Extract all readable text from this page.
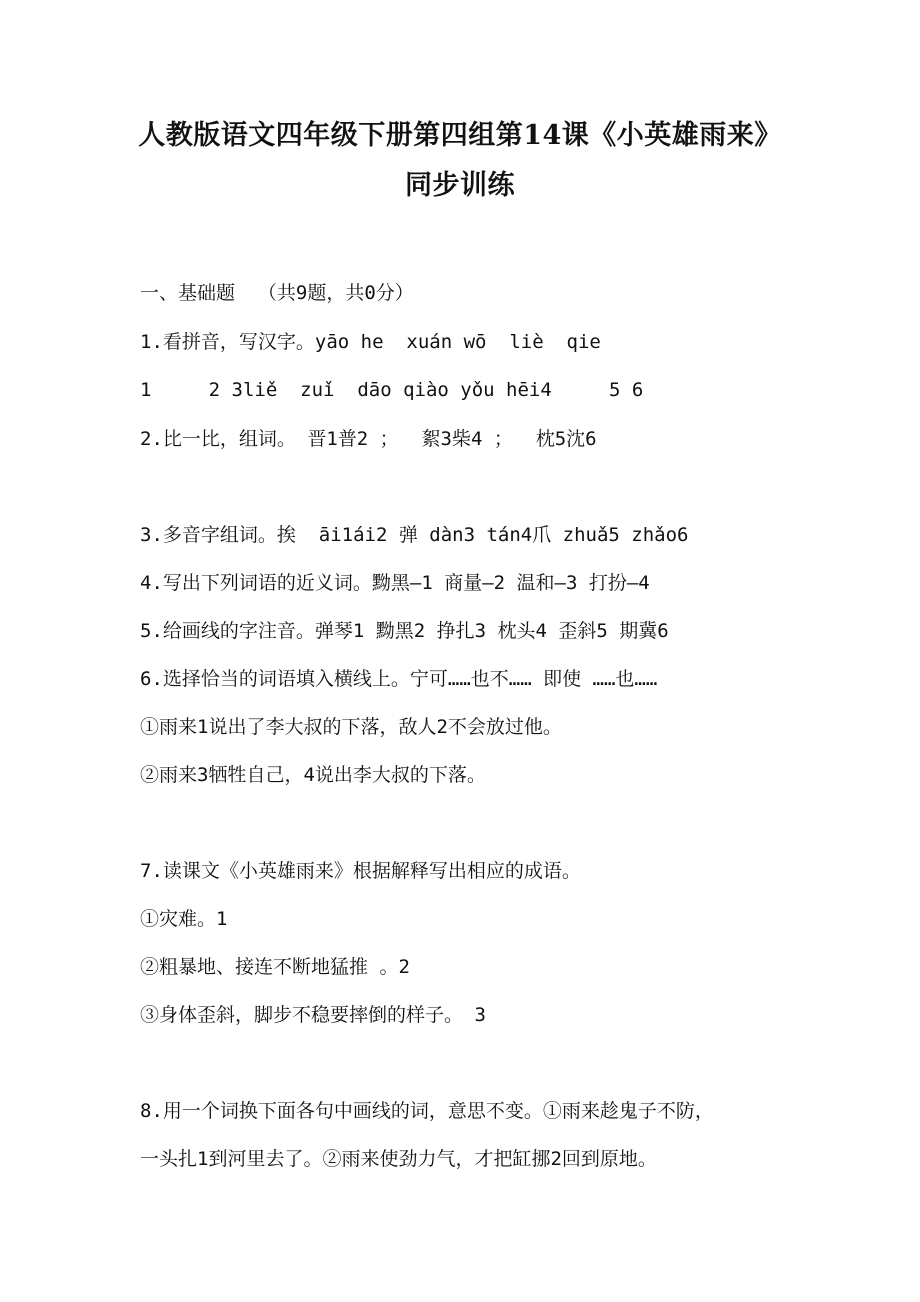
人教版语文四年级下册第四组第14课《小英雄雨来》
同步训练
一、基础题  （共9题，共0分）
1.看拼音，写汉字。yāo he  xuán wō  liè  qie
1     2 3liě  zuǐ  dāo qiào yǒu hēi4     5 6
2.比一比，组词。 晋1普2 ；  絮3柴4 ；  枕5沈6
3.多音字组词。挨  āi1ái2 弹 dàn3 tán4爪 zhuǎ5 zhǎo6
4.写出下列词语的近义词。黝黑—1 商量—2 温和—3 打扮—4
5.给画线的字注音。弹琴1 黝黑2 挣扎3 枕头4 歪斜5 期冀6
6.选择恰当的词语填入横线上。宁可……也不…… 即使 ……也……
①雨来1说出了李大叔的下落，敌人2不会放过他。
②雨来3牺牲自己，4说出李大叔的下落。
7.读课文《小英雄雨来》根据解释写出相应的成语。
①灾难。1
②粗暴地、接连不断地猛推 。2
③身体歪斜，脚步不稳要摔倒的样子。 3
8.用一个词换下面各句中画线的词，意思不变。①雨来趁鬼子不防，
一头扎1到河里去了。②雨来使劲力气，才把缸挪2回到原地。
